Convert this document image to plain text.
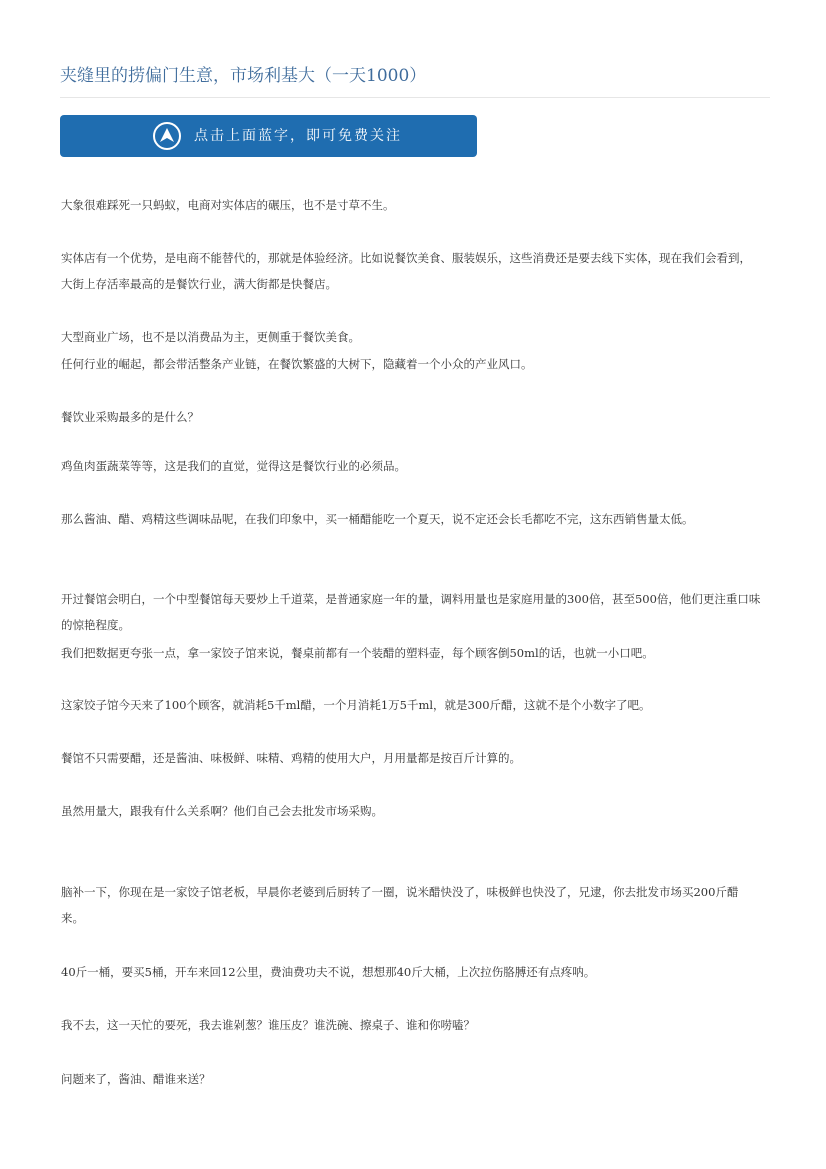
夹缝里的捞偏门生意，市场利基大（一天1000）
点击上面蓝字，即可免费关注

大象很难踩死一只蚂蚁，电商对实体店的碾压，也不是寸草不生。

实体店有一个优势，是电商不能替代的，那就是体验经济。比如说餐饮美食、服装娱乐，这些消费还是要去线下实体，现在我们会看到，大街上存活率最高的是餐饮行业，满大街都是快餐店。

大型商业广场，也不是以消费品为主，更侧重于餐饮美食。

任何行业的崛起，都会带活整条产业链，在餐饮繁盛的大树下，隐藏着一个小众的产业风口。

餐饮业采购最多的是什么？

鸡鱼肉蛋蔬菜等等，这是我们的直觉，觉得这是餐饮行业的必须品。

那么酱油、醋、鸡精这些调味品呢，在我们印象中，买一桶醋能吃一个夏天，说不定还会长毛都吃不完，这东西销售量太低。

开过餐馆会明白，一个中型餐馆每天要炒上千道菜，是普通家庭一年的量，调料用量也是家庭用量的300倍，甚至500倍，他们更注重口味的惊艳程度。

我们把数据更夸张一点，拿一家饺子馆来说，餐桌前都有一个装醋的塑料壶，每个顾客倒50ml的话，也就一小口吧。

这家饺子馆今天来了100个顾客，就消耗5千ml醋，一个月消耗1万5千ml，就是300斤醋，这就不是个小数字了吧。

餐馆不只需要醋，还是酱油、味极鲜、味精、鸡精的使用大户，月用量都是按百斤计算的。

虽然用量大，跟我有什么关系啊？他们自己会去批发市场采购。

脑补一下，你现在是一家饺子馆老板，早晨你老婆到后厨转了一圈，说米醋快没了，味极鲜也快没了，兄逮，你去批发市场买200斤醋来。

40斤一桶，要买5桶，开车来回12公里，费油费功夫不说，想想那40斤大桶，上次拉伤胳膊还有点疼呐。

我不去，这一天忙的要死，我去谁剁葱？谁压皮？谁洗碗、擦桌子、谁和你唠嗑？

问题来了，酱油、醋谁来送？
